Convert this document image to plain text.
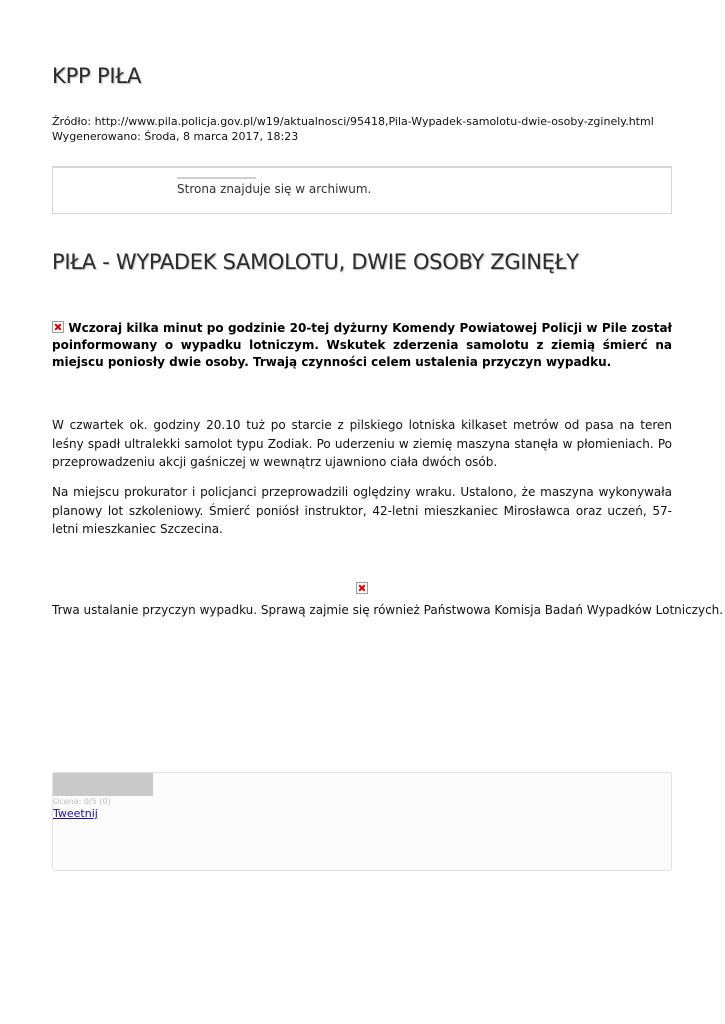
KPP PIŁA
Źródło: http://www.pila.policja.gov.pl/w19/aktualnosci/95418,Pila-Wypadek-samolotu-dwie-osoby-zginely.html
Wygenerowano: Środa, 8 marca 2017, 18:23
Strona znajduje się w archiwum.
PIŁA - WYPADEK SAMOLOTU, DWIE OSOBY ZGINĘŁY

Wczoraj kilka minut po godzinie 20-tej dyżurny Komendy Powiatowej Policji w Pile został poinformowany o wypadku lotniczym. Wskutek zderzenia samolotu z ziemią śmierć na miejscu poniosły dwie osoby. Trwają czynności celem ustalenia przyczyn wypadku.

W czwartek ok. godziny 20.10 tuż po starcie z pilskiego lotniska kilkaset metrów od pasa na teren leśny spadł ultralekki samolot typu Zodiak. Po uderzeniu w ziemię maszyna stanęła w płomieniach. Po przeprowadzeniu akcji gaśniczej w wewnątrz ujawniono ciała dwóch osób.

Na miejscu prokurator i policjanci przeprowadzili oględziny wraku. Ustalono, że maszyna wykonywała planowy lot szkoleniowy. Śmierć poniósł instruktor, 42-letni mieszkaniec Mirosławca oraz uczeń, 57-letni mieszkaniec Szczecina.

Trwa ustalanie przyczyn wypadku. Sprawą zajmie się również Państwowa Komisja Badań Wypadków Lotniczych.

Ocena: 0/5 (0)
Tweetnij
